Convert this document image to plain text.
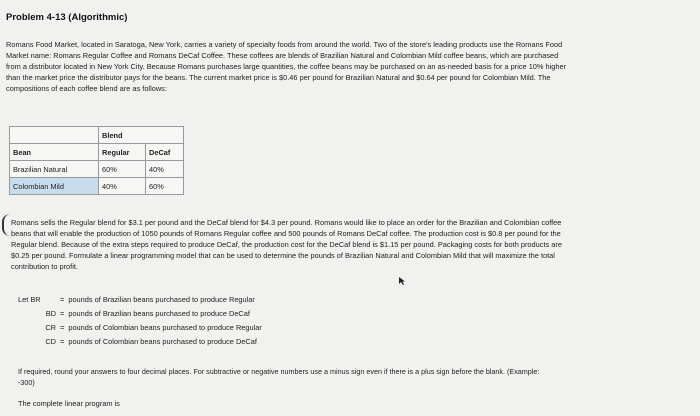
Problem 4-13 (Algorithmic)
Romans Food Market, located in Saratoga, New York, carries a variety of specialty foods from around the world. Two of the store's leading products use the Romans Food
Market name: Romans Regular Coffee and Romans DeCaf Coffee. These coffees are blends of Brazilian Natural and Colombian Mild coffee beans, which are purchased
from a distributor located in New York City. Because Romans purchases large quantities, the coffee beans may be purchased on an as-needed basis for a price 10% higher
than the market price the distributor pays for the beans. The current market price is $0.46 per pound for Brazilian Natural and $0.64 per pound for Colombian Mild. The
compositions of each coffee blend are as follows:
	Blend	
Bean	Regular	DeCaf
Brazilian Natural	60%	40%
Colombian Mild	40%	60%
Romans sells the Regular blend for $3.1 per pound and the DeCaf blend for $4.3 per pound. Romans would like to place an order for the Brazilian and Colombian coffee
beans that will enable the production of 1050 pounds of Romans Regular coffee and 500 pounds of Romans DeCaf coffee. The production cost is $0.8 per pound for the
Regular blend. Because of the extra steps required to produce DeCaf, the production cost for the DeCaf blend is $1.15 per pound. Packaging costs for both products are
$0.25 per pound. Formulate a linear programming model that can be used to determine the pounds of Brazilian Natural and Colombian Mild that will maximize the total
contribution to profit.
Let BR	= pounds of Brazilian beans purchased to produce Regular
BD = pounds of Brazilian beans purchased to produce DeCaf
CR = pounds of Colombian beans purchased to produce Regular
CD = pounds of Colombian beans purchased to produce DeCaf
If required, round your answers to four decimal places. For subtractive or negative numbers use a minus sign even if there is a plus sign before the blank. (Example:
-300)
The complete linear program is
